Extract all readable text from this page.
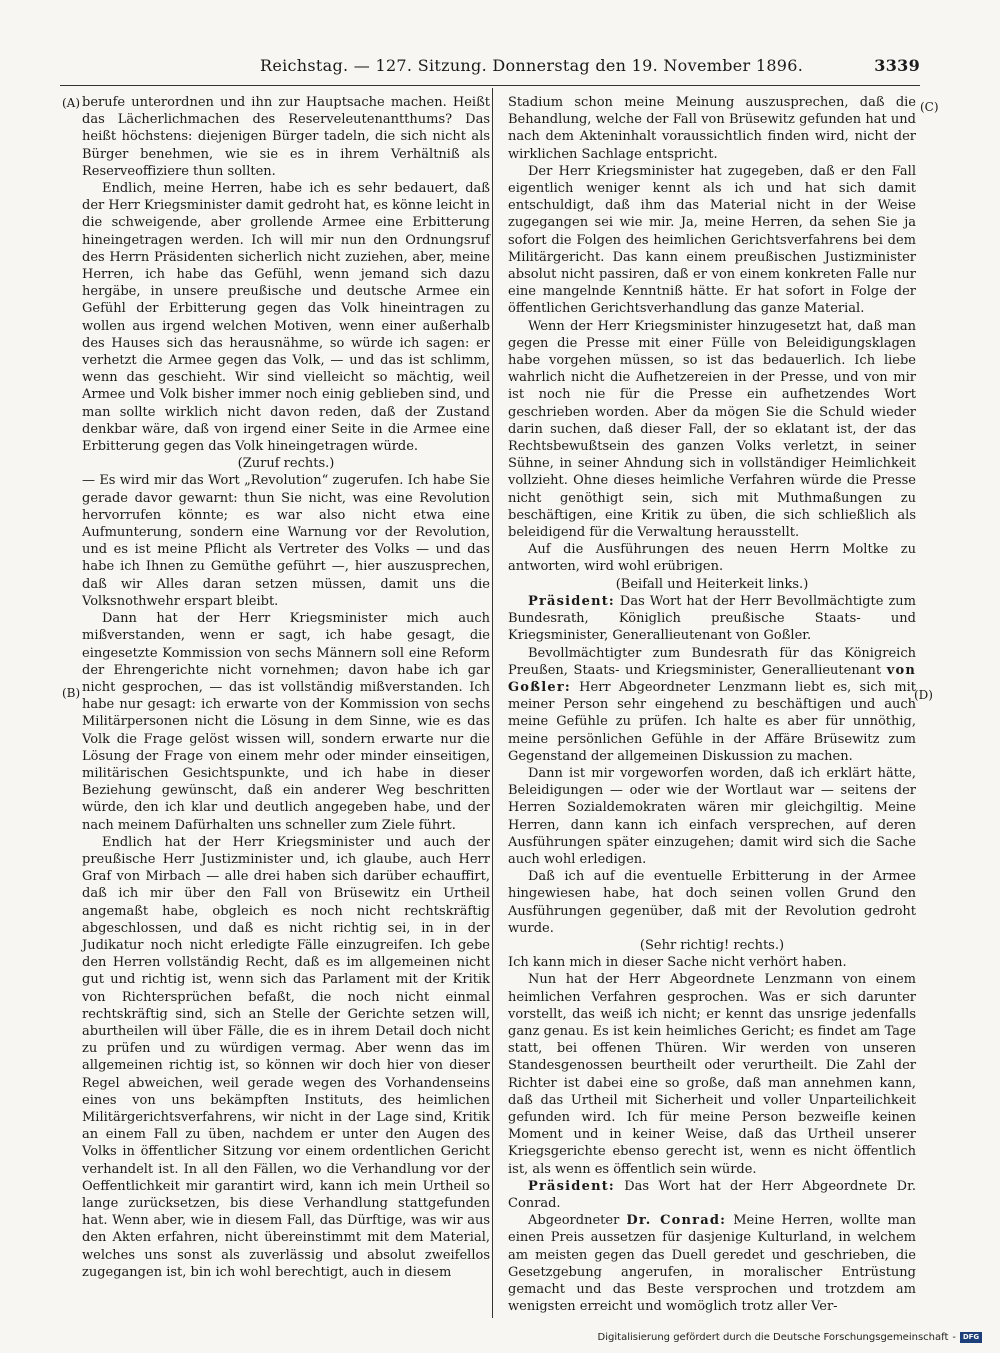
Reichstag. — 127. Sitzung. Donnerstag den 19. November 1896.	3339
(A)
(B)
(C)
(D)

berufe unterordnen und ihn zur Hauptsache machen. Heißt das Lächerlichmachen des Reserveleutenantthums? Das heißt höchstens: diejenigen Bürger tadeln, die sich nicht als Bürger benehmen, wie sie es in ihrem Verhältniß als Reserveoffiziere thun sollten.

Endlich, meine Herren, habe ich es sehr bedauert, daß der Herr Kriegsminister damit gedroht hat, es könne leicht in die schweigende, aber grollende Armee eine Erbitterung hineingetragen werden. Ich will mir nun den Ordnungsruf des Herrn Präsidenten sicherlich nicht zuziehen, aber, meine Herren, ich habe das Gefühl, wenn jemand sich dazu hergäbe, in unsere preußische und deutsche Armee ein Gefühl der Erbitterung gegen das Volk hineintragen zu wollen aus irgend welchen Motiven, wenn einer außerhalb des Hauses sich das herausnähme, so würde ich sagen: er verhetzt die Armee gegen das Volk, — und das ist schlimm, wenn das geschieht. Wir sind vielleicht so mächtig, weil Armee und Volk bisher immer noch einig geblieben sind, und man sollte wirklich nicht davon reden, daß der Zustand denkbar wäre, daß von irgend einer Seite in die Armee eine Erbitterung gegen das Volk hineingetragen würde.

(Zuruf rechts.)

— Es wird mir das Wort „Revolution“ zugerufen. Ich habe Sie gerade davor gewarnt: thun Sie nicht, was eine Revolution hervorrufen könnte; es war also nicht etwa eine Aufmunterung, sondern eine Warnung vor der Revolution, und es ist meine Pflicht als Vertreter des Volks — und das habe ich Ihnen zu Gemüthe geführt —, hier auszusprechen, daß wir Alles daran setzen müssen, damit uns die Volksnothwehr erspart bleibt.

Dann hat der Herr Kriegsminister mich auch mißverstanden, wenn er sagt, ich habe gesagt, die eingesetzte Kommission von sechs Männern soll eine Reform der Ehrengerichte nicht vornehmen; davon habe ich gar nicht gesprochen, — das ist vollständig mißverstanden. Ich habe nur gesagt: ich erwarte von der Kommission von sechs Militärpersonen nicht die Lösung in dem Sinne, wie es das Volk die Frage gelöst wissen will, sondern erwarte nur die Lösung der Frage von einem mehr oder minder einseitigen, militärischen Gesichtspunkte, und ich habe in dieser Beziehung gewünscht, daß ein anderer Weg beschritten würde, den ich klar und deutlich angegeben habe, und der nach meinem Dafürhalten uns schneller zum Ziele führt.

Endlich hat der Herr Kriegsminister und auch der preußische Herr Justizminister und, ich glaube, auch Herr Graf von Mirbach — alle drei haben sich darüber echauffirt, daß ich mir über den Fall von Brüsewitz ein Urtheil angemaßt habe, obgleich es noch nicht rechtskräftig abgeschlossen, und daß es nicht richtig sei, in in der Judikatur noch nicht erledigte Fälle einzugreifen. Ich gebe den Herren vollständig Recht, daß es im allgemeinen nicht gut und richtig ist, wenn sich das Parlament mit der Kritik von Richtersprüchen befaßt, die noch nicht einmal rechtskräftig sind, sich an Stelle der Gerichte setzen will, aburtheilen will über Fälle, die es in ihrem Detail doch nicht zu prüfen und zu würdigen vermag. Aber wenn das im allgemeinen richtig ist, so können wir doch hier von dieser Regel abweichen, weil gerade wegen des Vorhandenseins eines von uns bekämpften Instituts, des heimlichen Militärgerichtsverfahrens, wir nicht in der Lage sind, Kritik an einem Fall zu üben, nachdem er unter den Augen des Volks in öffentlicher Sitzung vor einem ordentlichen Gericht verhandelt ist. In all den Fällen, wo die Verhandlung vor der Oeffentlichkeit mir garantirt wird, kann ich mein Urtheil so lange zurücksetzen, bis diese Verhandlung stattgefunden hat. Wenn aber, wie in diesem Fall, das Dürftige, was wir aus den Akten erfahren, nicht übereinstimmt mit dem Material, welches uns sonst als zuverlässig und absolut zweifellos zugegangen ist, bin ich wohl berechtigt, auch in diesem

Stadium schon meine Meinung auszusprechen, daß die Behandlung, welche der Fall von Brüsewitz gefunden hat und nach dem Akteninhalt voraussichtlich finden wird, nicht der wirklichen Sachlage entspricht.

Der Herr Kriegsminister hat zugegeben, daß er den Fall eigentlich weniger kennt als ich und hat sich damit entschuldigt, daß ihm das Material nicht in der Weise zugegangen sei wie mir. Ja, meine Herren, da sehen Sie ja sofort die Folgen des heimlichen Gerichtsverfahrens bei dem Militärgericht. Das kann einem preußischen Justizminister absolut nicht passiren, daß er von einem konkreten Falle nur eine mangelnde Kenntniß hätte. Er hat sofort in Folge der öffentlichen Gerichtsverhandlung das ganze Material.

Wenn der Herr Kriegsminister hinzugesetzt hat, daß man gegen die Presse mit einer Fülle von Beleidigungsklagen habe vorgehen müssen, so ist das bedauerlich. Ich liebe wahrlich nicht die Aufhetzereien in der Presse, und von mir ist noch nie für die Presse ein aufhetzendes Wort geschrieben worden. Aber da mögen Sie die Schuld wieder darin suchen, daß dieser Fall, der so eklatant ist, der das Rechtsbewußtsein des ganzen Volks verletzt, in seiner Sühne, in seiner Ahndung sich in vollständiger Heimlichkeit vollzieht. Ohne dieses heimliche Verfahren würde die Presse nicht genöthigt sein, sich mit Muthmaßungen zu beschäftigen, eine Kritik zu üben, die sich schließlich als beleidigend für die Verwaltung herausstellt.

Auf die Ausführungen des neuen Herrn Moltke zu antworten, wird wohl erübrigen.

(Beifall und Heiterkeit links.)

Präsident: Das Wort hat der Herr Bevollmächtigte zum Bundesrath, Königlich preußische Staats- und Kriegsminister, Generallieutenant von Goßler.

Bevollmächtigter zum Bundesrath für das Königreich Preußen, Staats- und Kriegsminister, Generallieutenant von Goßler: Herr Abgeordneter Lenzmann liebt es, sich mit meiner Person sehr eingehend zu beschäftigen und auch meine Gefühle zu prüfen. Ich halte es aber für unnöthig, meine persönlichen Gefühle in der Affäre Brüsewitz zum Gegenstand der allgemeinen Diskussion zu machen.

Dann ist mir vorgeworfen worden, daß ich erklärt hätte, Beleidigungen — oder wie der Wortlaut war — seitens der Herren Sozialdemokraten wären mir gleichgiltig. Meine Herren, dann kann ich einfach versprechen, auf deren Ausführungen später einzugehen; damit wird sich die Sache auch wohl erledigen.

Daß ich auf die eventuelle Erbitterung in der Armee hingewiesen habe, hat doch seinen vollen Grund den Ausführungen gegenüber, daß mit der Revolution gedroht wurde.

(Sehr richtig! rechts.)

Ich kann mich in dieser Sache nicht verhört haben.

Nun hat der Herr Abgeordnete Lenzmann von einem heimlichen Verfahren gesprochen. Was er sich darunter vorstellt, das weiß ich nicht; er kennt das unsrige jedenfalls ganz genau. Es ist kein heimliches Gericht; es findet am Tage statt, bei offenen Thüren. Wir werden von unseren Standesgenossen beurtheilt oder verurtheilt. Die Zahl der Richter ist dabei eine so große, daß man annehmen kann, daß das Urtheil mit Sicherheit und voller Unparteilichkeit gefunden wird. Ich für meine Person bezweifle keinen Moment und in keiner Weise, daß das Urtheil unserer Kriegsgerichte ebenso gerecht ist, wenn es nicht öffentlich ist, als wenn es öffentlich sein würde.

Präsident: Das Wort hat der Herr Abgeordnete Dr. Conrad.

Abgeordneter Dr. Conrad: Meine Herren, wollte man einen Preis aussetzen für dasjenige Kulturland, in welchem am meisten gegen das Duell geredet und geschrieben, die Gesetzgebung angerufen, in moralischer Entrüstung gemacht und das Beste versprochen und trotzdem am wenigsten erreicht und womöglich trotz aller Ver-

Digitalisierung gefördert durch die Deutsche Forschungsgemeinschaft - DFG
